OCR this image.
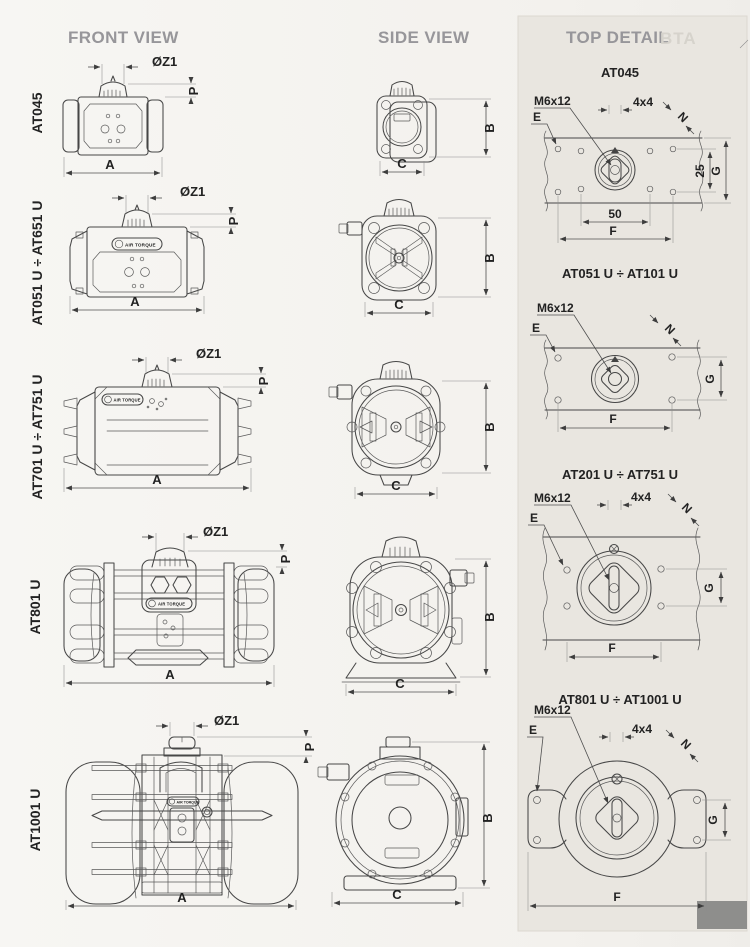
FRONT VIEW	SIDE VIEW	TOP DETAIL
BTA
AT045
ØZ1
P
A
B
C
AT051 U ÷ AT651 U	AIR TORQUE
ØZ1
P
A
B
C
AT701 U ÷ AT751 U	AIR TORQUE
ØZ1
P
A
B
C
AT801 U	AIR TORQUE
ØZ1
P
A
B
C
AT1001 U	AIR TORQUE
ØZ1
P
A
B
C
AT045
M6x12
E
4x4
N
25 G
50
F
AT051 U ÷ AT101 U
M6x12
E	N
G
F
AT201 U ÷ AT751 U
M6x12
E
4x4
N
G
F
AT801 U ÷ AT1001 U
M6x12
E	4x4
N
G
F
